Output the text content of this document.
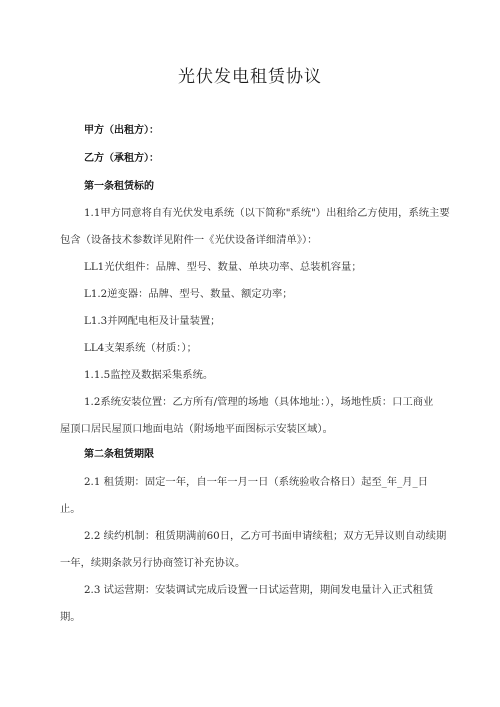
光伏发电租赁协议
甲方（出租方）：
乙方（承租方）：
第一条租赁标的
1.1甲方同意将自有光伏发电系统（以下简称"系统"）出租给乙方使用，系统主要
包含（设备技术参数详见附件一《光伏设备详细清单》）：
LL1光伏组件：品牌、型号、数量、单块功率、总装机容量；
L1.2逆变器：品牌、型号、数量、额定功率；
L1.3并网配电柜及计量装置；
LL4支架系统（材质：）；
1.1.5监控及数据采集系统。
1.2系统安装位置：乙方所有/管理的场地（具体地址：），场地性质：口工商业
屋顶口居民屋顶口地面电站（附场地平面图标示安装区域）。
第二条租赁期限
2.1 租赁期：固定一年，自一年一月一日（系统验收合格日）起至_年_月_日
止。
2.2 续约机制：租赁期满前60日，乙方可书面申请续租；双方无异议则自动续期
一年，续期条款另行协商签订补充协议。
2.3 试运营期：安装调试完成后设置一日试运营期，期间发电量计入正式租赁
期。
